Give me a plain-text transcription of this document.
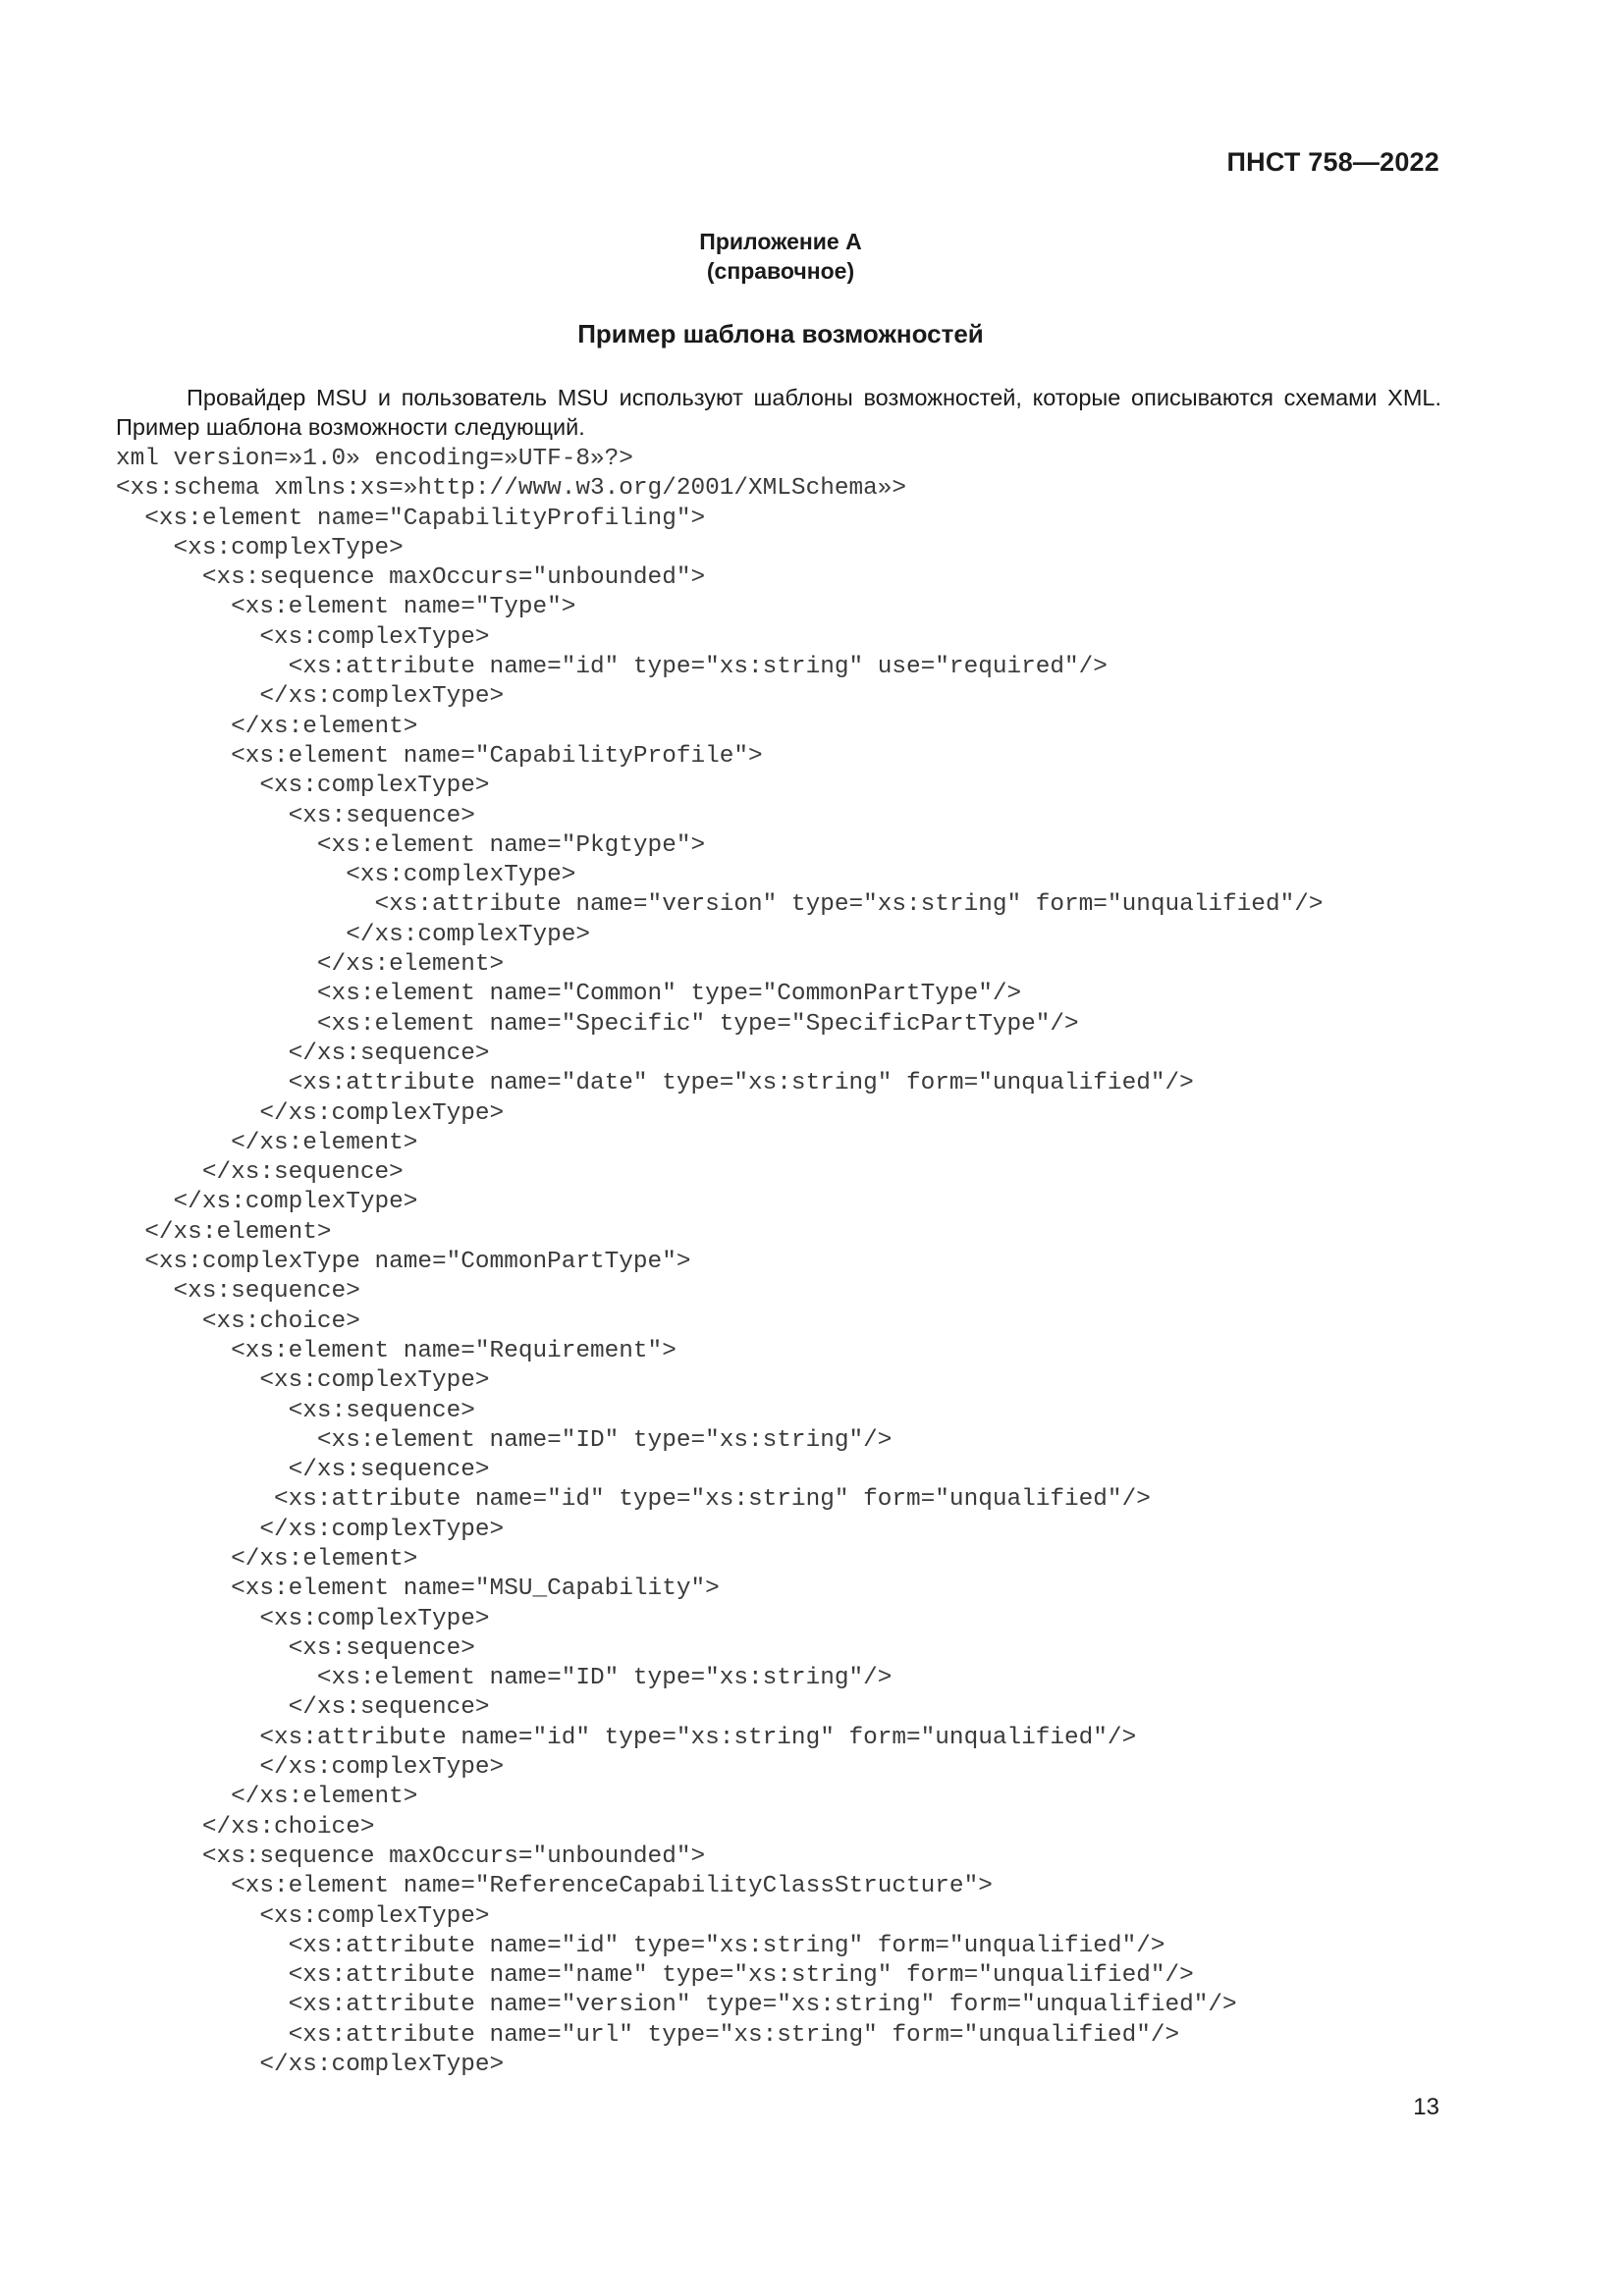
ПНСТ 758—2022
Приложение А
(справочное)
Пример шаблона возможностей

Провайдер MSU и пользователь MSU используют шаблоны возможностей, которые описываются схемами XML. Пример шаблона возможности следующий.

xml version=»1.0» encoding=»UTF-8»?>
<xs:schema xmlns:xs=»http://www.w3.org/2001/XMLSchema»>
<xs:element name="CapabilityProfiling">
<xs:complexType>
<xs:sequence maxOccurs="unbounded">
<xs:element name="Type">
<xs:complexType>
<xs:attribute name="id" type="xs:string" use="required"/>
</xs:complexType>
</xs:element>
<xs:element name="CapabilityProfile">
<xs:complexType>
<xs:sequence>
<xs:element name="Pkgtype">
<xs:complexType>
<xs:attribute name="version" type="xs:string" form="unqualified"/>
</xs:complexType>
</xs:element>
<xs:element name="Common" type="CommonPartType"/>
<xs:element name="Specific" type="SpecificPartType"/>
</xs:sequence>
<xs:attribute name="date" type="xs:string" form="unqualified"/>
</xs:complexType>
</xs:element>
</xs:sequence>
</xs:complexType>
</xs:element>
<xs:complexType name="CommonPartType">
<xs:sequence>
<xs:choice>
<xs:element name="Requirement">
<xs:complexType>
<xs:sequence>
<xs:element name="ID" type="xs:string"/>
</xs:sequence>
<xs:attribute name="id" type="xs:string" form="unqualified"/>
</xs:complexType>
</xs:element>
<xs:element name="MSU_Capability">
<xs:complexType>
<xs:sequence>
<xs:element name="ID" type="xs:string"/>
</xs:sequence>
<xs:attribute name="id" type="xs:string" form="unqualified"/>
</xs:complexType>
</xs:element>
</xs:choice>
<xs:sequence maxOccurs="unbounded">
<xs:element name="ReferenceCapabilityClassStructure">
<xs:complexType>
<xs:attribute name="id" type="xs:string" form="unqualified"/>
<xs:attribute name="name" type="xs:string" form="unqualified"/>
<xs:attribute name="version" type="xs:string" form="unqualified"/>
<xs:attribute name="url" type="xs:string" form="unqualified"/>
</xs:complexType>
13
